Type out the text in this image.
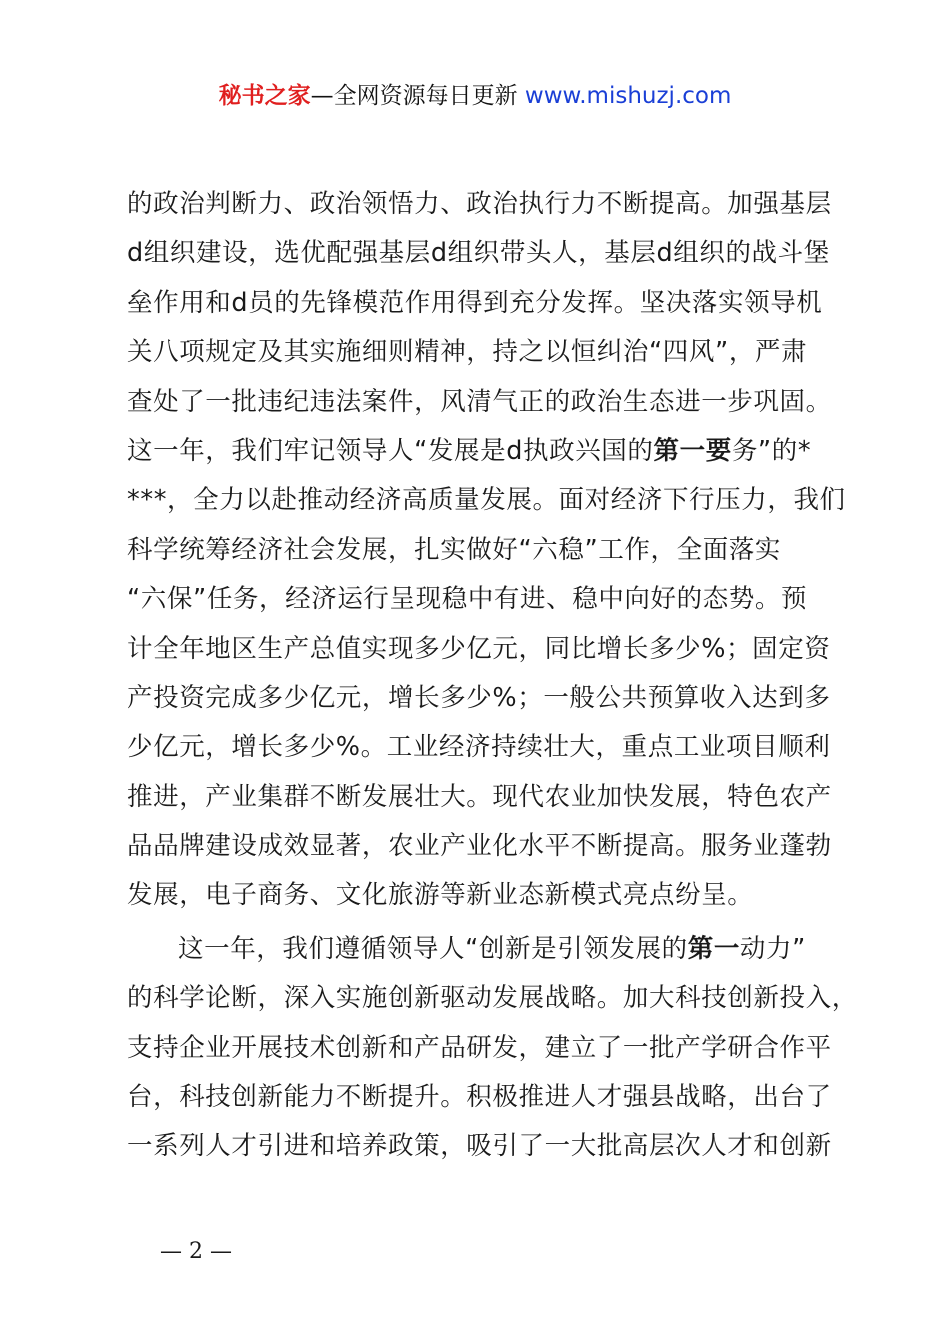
秘书之家—全网资源每日更新 www.mishuzj.com
的政治判断力、政治领悟力、政治执行力不断提高。加强基层
d组织建设，选优配强基层d组织带头人，基层d组织的战斗堡
垒作用和d员的先锋模范作用得到充分发挥。坚决落实领导机
关八项规定及其实施细则精神，持之以恒纠治“四风”，严肃
查处了一批违纪违法案件，风清气正的政治生态进一步巩固。
这一年，我们牢记领导人“发展是d执政兴国的第一要务”的*
***，全力以赴推动经济高质量发展。面对经济下行压力，我们
科学统筹经济社会发展，扎实做好“六稳”工作，全面落实
“六保”任务，经济运行呈现稳中有进、稳中向好的态势。预
计全年地区生产总值实现多少亿元，同比增长多少%；固定资
产投资完成多少亿元，增长多少%；一般公共预算收入达到多
少亿元，增长多少%。工业经济持续壮大，重点工业项目顺利
推进，产业集群不断发展壮大。现代农业加快发展，特色农产
品品牌建设成效显著，农业产业化水平不断提高。服务业蓬勃
发展，电子商务、文化旅游等新业态新模式亮点纷呈。
这一年，我们遵循领导人“创新是引领发展的第一动力”
的科学论断，深入实施创新驱动发展战略。加大科技创新投入，
支持企业开展技术创新和产品研发，建立了一批产学研合作平
台，科技创新能力不断提升。积极推进人才强县战略，出台了
一系列人才引进和培养政策，吸引了一大批高层次人才和创新
— 2 —
